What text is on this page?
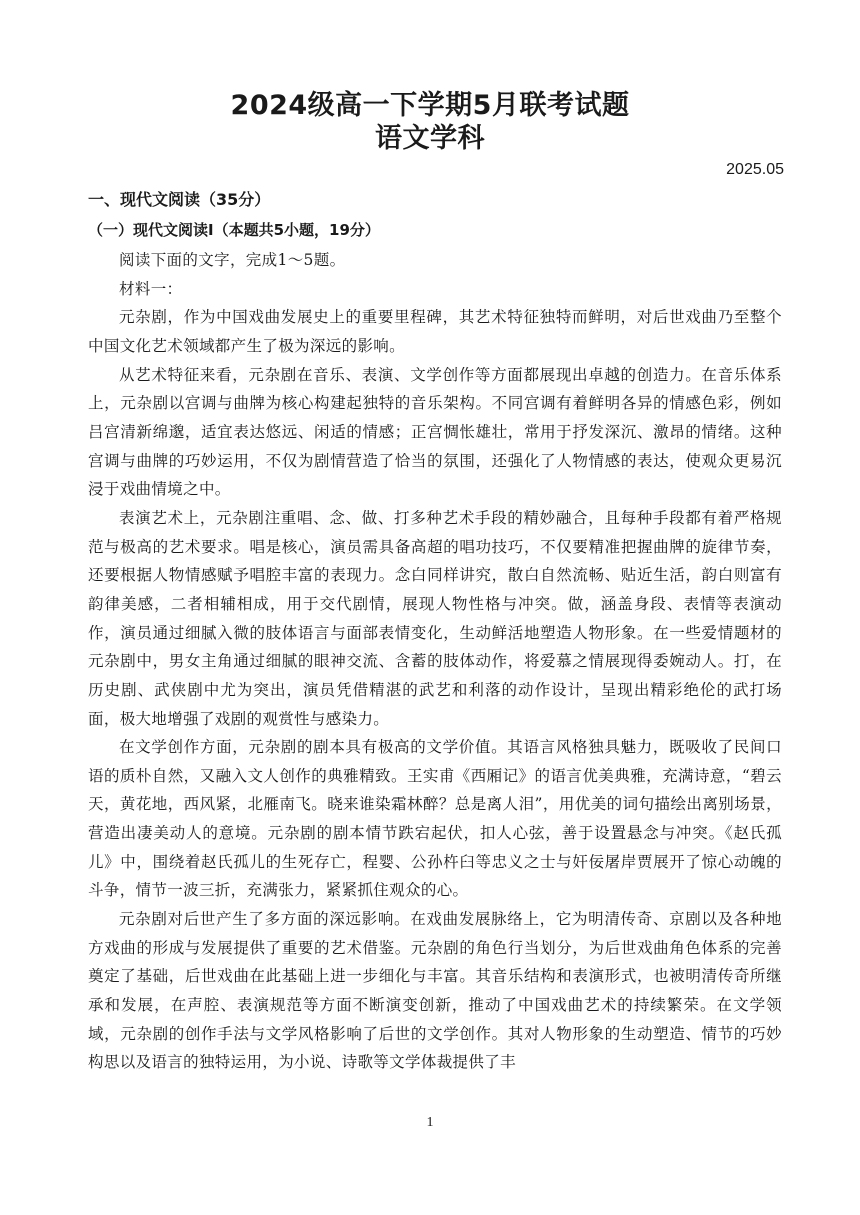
2024级高一下学期5月联考试题
语文学科
2025.05
一、现代文阅读（35分）
（一）现代文阅读Ⅰ（本题共5小题，19分）

阅读下面的文字，完成1～5题。

材料一：

元杂剧，作为中国戏曲发展史上的重要里程碑，其艺术特征独特而鲜明，对后世戏曲乃至整个中国文化艺术领域都产生了极为深远的影响。

从艺术特征来看，元杂剧在音乐、表演、文学创作等方面都展现出卓越的创造力。在音乐体系上，元杂剧以宫调与曲牌为核心构建起独特的音乐架构。不同宫调有着鲜明各异的情感色彩，例如吕宫清新绵邈，适宜表达悠远、闲适的情感；正宫惆怅雄壮，常用于抒发深沉、激昂的情绪。这种宫调与曲牌的巧妙运用，不仅为剧情营造了恰当的氛围，还强化了人物情感的表达，使观众更易沉浸于戏曲情境之中。

表演艺术上，元杂剧注重唱、念、做、打多种艺术手段的精妙融合，且每种手段都有着严格规范与极高的艺术要求。唱是核心，演员需具备高超的唱功技巧，不仅要精准把握曲牌的旋律节奏，还要根据人物情感赋予唱腔丰富的表现力。念白同样讲究，散白自然流畅、贴近生活，韵白则富有韵律美感，二者相辅相成，用于交代剧情，展现人物性格与冲突。做，涵盖身段、表情等表演动作，演员通过细腻入微的肢体语言与面部表情变化，生动鲜活地塑造人物形象。在一些爱情题材的元杂剧中，男女主角通过细腻的眼神交流、含蓄的肢体动作，将爱慕之情展现得委婉动人。打，在历史剧、武侠剧中尤为突出，演员凭借精湛的武艺和利落的动作设计，呈现出精彩绝伦的武打场面，极大地增强了戏剧的观赏性与感染力。

在文学创作方面，元杂剧的剧本具有极高的文学价值。其语言风格独具魅力，既吸收了民间口语的质朴自然，又融入文人创作的典雅精致。王实甫《西厢记》的语言优美典雅，充满诗意，“碧云天，黄花地，西风紧，北雁南飞。晓来谁染霜林醉？总是离人泪”，用优美的词句描绘出离别场景，营造出凄美动人的意境。元杂剧的剧本情节跌宕起伏，扣人心弦，善于设置悬念与冲突。《赵氏孤儿》中，围绕着赵氏孤儿的生死存亡，程婴、公孙杵臼等忠义之士与奸佞屠岸贾展开了惊心动魄的斗争，情节一波三折，充满张力，紧紧抓住观众的心。

元杂剧对后世产生了多方面的深远影响。在戏曲发展脉络上，它为明清传奇、京剧以及各种地方戏曲的形成与发展提供了重要的艺术借鉴。元杂剧的角色行当划分，为后世戏曲角色体系的完善奠定了基础，后世戏曲在此基础上进一步细化与丰富。其音乐结构和表演形式，也被明清传奇所继承和发展，在声腔、表演规范等方面不断演变创新，推动了中国戏曲艺术的持续繁荣。在文学领域，元杂剧的创作手法与文学风格影响了后世的文学创作。其对人物形象的生动塑造、情节的巧妙构思以及语言的独特运用，为小说、诗歌等文学体裁提供了丰

1
